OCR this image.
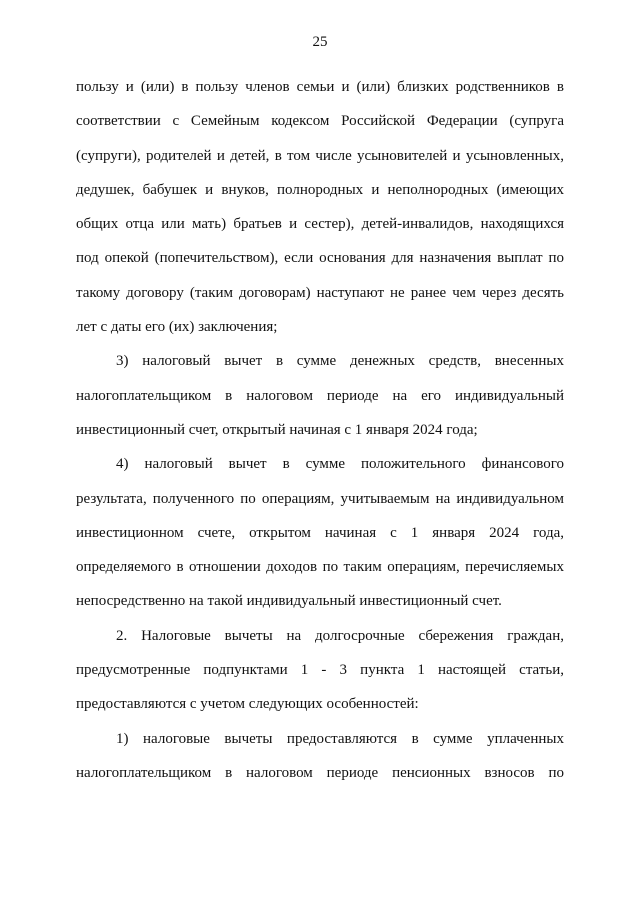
25

пользу и (или) в пользу членов семьи и (или) близких родственников в
соответствии с Семейным кодексом Российской Федерации (супруга
(супруги), родителей и детей, в том числе усыновителей и усыновленных,
дедушек, бабушек и внуков, полнородных и неполнородных (имеющих
общих отца или мать) братьев и сестер), детей-инвалидов, находящихся
под опекой (попечительством), если основания для назначения выплат по
такому договору (таким договорам) наступают не ранее чем через десять
лет с даты его (их) заключения;

3) налоговый вычет в сумме денежных средств, внесенных
налогоплательщиком в налоговом периоде на его индивидуальный
инвестиционный счет, открытый начиная с 1 января 2024 года;

4) налоговый вычет в сумме положительного финансового
результата, полученного по операциям, учитываемым на индивидуальном
инвестиционном счете, открытом начиная с 1 января 2024 года,
определяемого в отношении доходов по таким операциям, перечисляемых
непосредственно на такой индивидуальный инвестиционный счет.

2. Налоговые вычеты на долгосрочные сбережения граждан,
предусмотренные подпунктами 1 - 3 пункта 1 настоящей статьи,
предоставляются с учетом следующих особенностей:

1) налоговые вычеты предоставляются в сумме уплаченных
налогоплательщиком в налоговом периоде пенсионных взносов по
